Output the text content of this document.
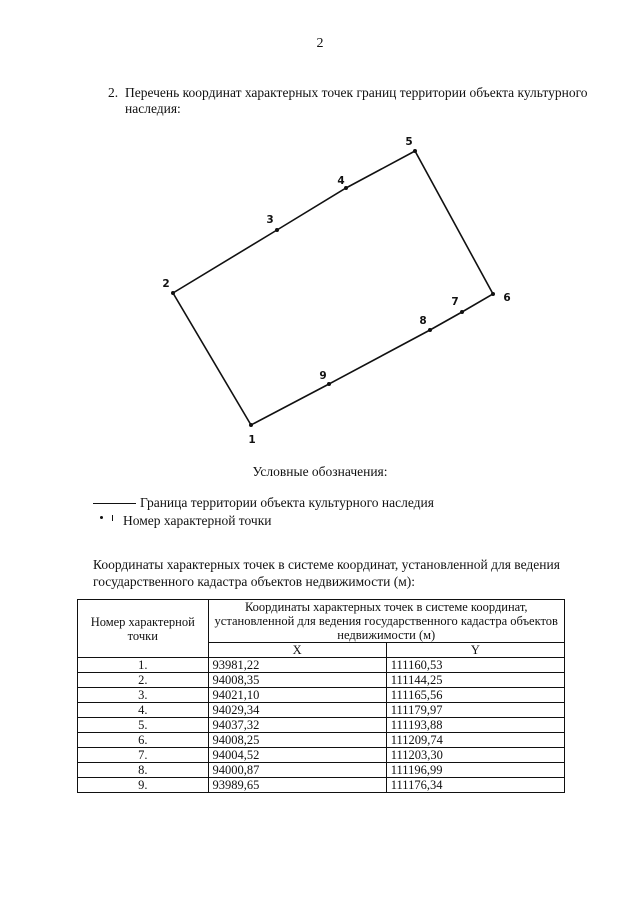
2
2. Перечень координат характерных точек границ территории объекта культурного
наследия:
1
2
3
4
5
6
7
8
9
Условные обозначения:
Граница территории объекта культурного наследия
Номер характерной точки
Координаты характерных точек в системе координат, установленной для ведения государственного кадастра объектов недвижимости (м):
Номер характерной точки	Координаты характерных точек в системе координат, установленной для ведения государственного кадастра объектов недвижимости (м)	
	X	Y
1.	93981,22	111160,53
2.	94008,35	111144,25
3.	94021,10	111165,56
4.	94029,34	111179,97
5.	94037,32	111193,88
6.	94008,25	111209,74
7.	94004,52	111203,30
8.	94000,87	111196,99
9.	93989,65	111176,34
